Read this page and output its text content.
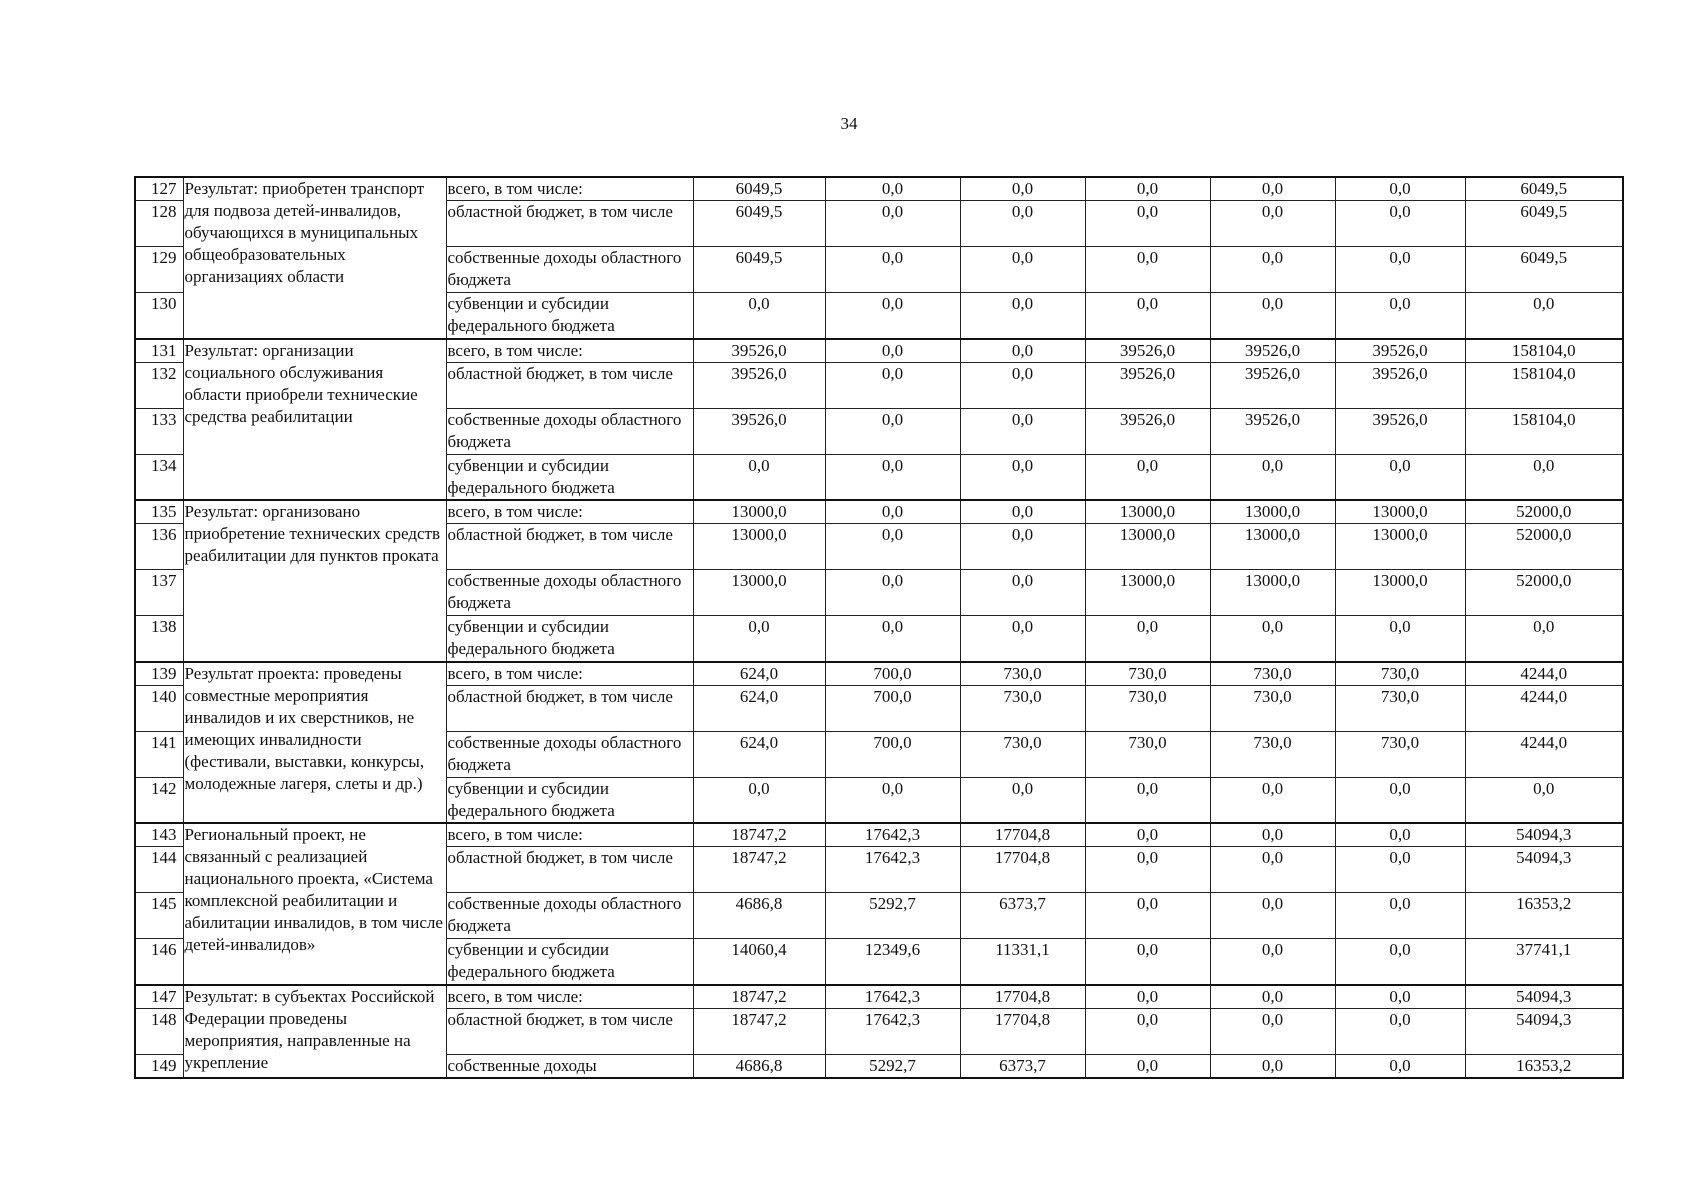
34
127	Результат: приобретен транспорт для подвоза детей-инвалидов, обучающихся в муниципальных общеобразовательных организациях области	всего, в том числе:	6049,5	0,0	0,0	0,0	0,0	0,0	6049,5
128		областной бюджет, в том числе	6049,5	0,0	0,0	0,0	0,0	0,0	6049,5
129		собственные доходы областного бюджета	6049,5	0,0	0,0	0,0	0,0	0,0	6049,5
130		субвенции и субсидии федерального бюджета	0,0	0,0	0,0	0,0	0,0	0,0	0,0
131	Результат: организации социального обслуживания области приобрели технические средства реабилитации	всего, в том числе:	39526,0	0,0	0,0	39526,0	39526,0	39526,0	158104,0
132		областной бюджет, в том числе	39526,0	0,0	0,0	39526,0	39526,0	39526,0	158104,0
133		собственные доходы областного бюджета	39526,0	0,0	0,0	39526,0	39526,0	39526,0	158104,0
134		субвенции и субсидии федерального бюджета	0,0	0,0	0,0	0,0	0,0	0,0	0,0
135	Результат: организовано приобретение технических средств реабилитации для пунктов проката	всего, в том числе:	13000,0	0,0	0,0	13000,0	13000,0	13000,0	52000,0
136		областной бюджет, в том числе	13000,0	0,0	0,0	13000,0	13000,0	13000,0	52000,0
137		собственные доходы областного бюджета	13000,0	0,0	0,0	13000,0	13000,0	13000,0	52000,0
138		субвенции и субсидии федерального бюджета	0,0	0,0	0,0	0,0	0,0	0,0	0,0
139	Результат проекта: проведены совместные мероприятия инвалидов и их сверстников, не имеющих инвалидности (фестивали, выставки, конкурсы, молодежные лагеря, слеты и др.)	всего, в том числе:	624,0	700,0	730,0	730,0	730,0	730,0	4244,0
140		областной бюджет, в том числе	624,0	700,0	730,0	730,0	730,0	730,0	4244,0
141		собственные доходы областного бюджета	624,0	700,0	730,0	730,0	730,0	730,0	4244,0
142		субвенции и субсидии федерального бюджета	0,0	0,0	0,0	0,0	0,0	0,0	0,0
143	Региональный проект, не связанный с реализацией национального проекта, «Система комплексной реабилитации и абилитации инвалидов, в том числе детей-инвалидов»	всего, в том числе:	18747,2	17642,3	17704,8	0,0	0,0	0,0	54094,3
144		областной бюджет, в том числе	18747,2	17642,3	17704,8	0,0	0,0	0,0	54094,3
145		собственные доходы областного бюджета	4686,8	5292,7	6373,7	0,0	0,0	0,0	16353,2
146		субвенции и субсидии федерального бюджета	14060,4	12349,6	11331,1	0,0	0,0	0,0	37741,1
147	Результат: в субъектах Российской Федерации проведены мероприятия, направленные на укрепление	всего, в том числе:	18747,2	17642,3	17704,8	0,0	0,0	0,0	54094,3
148		областной бюджет, в том числе	18747,2	17642,3	17704,8	0,0	0,0	0,0	54094,3
149		собственные доходы	4686,8	5292,7	6373,7	0,0	0,0	0,0	16353,2
